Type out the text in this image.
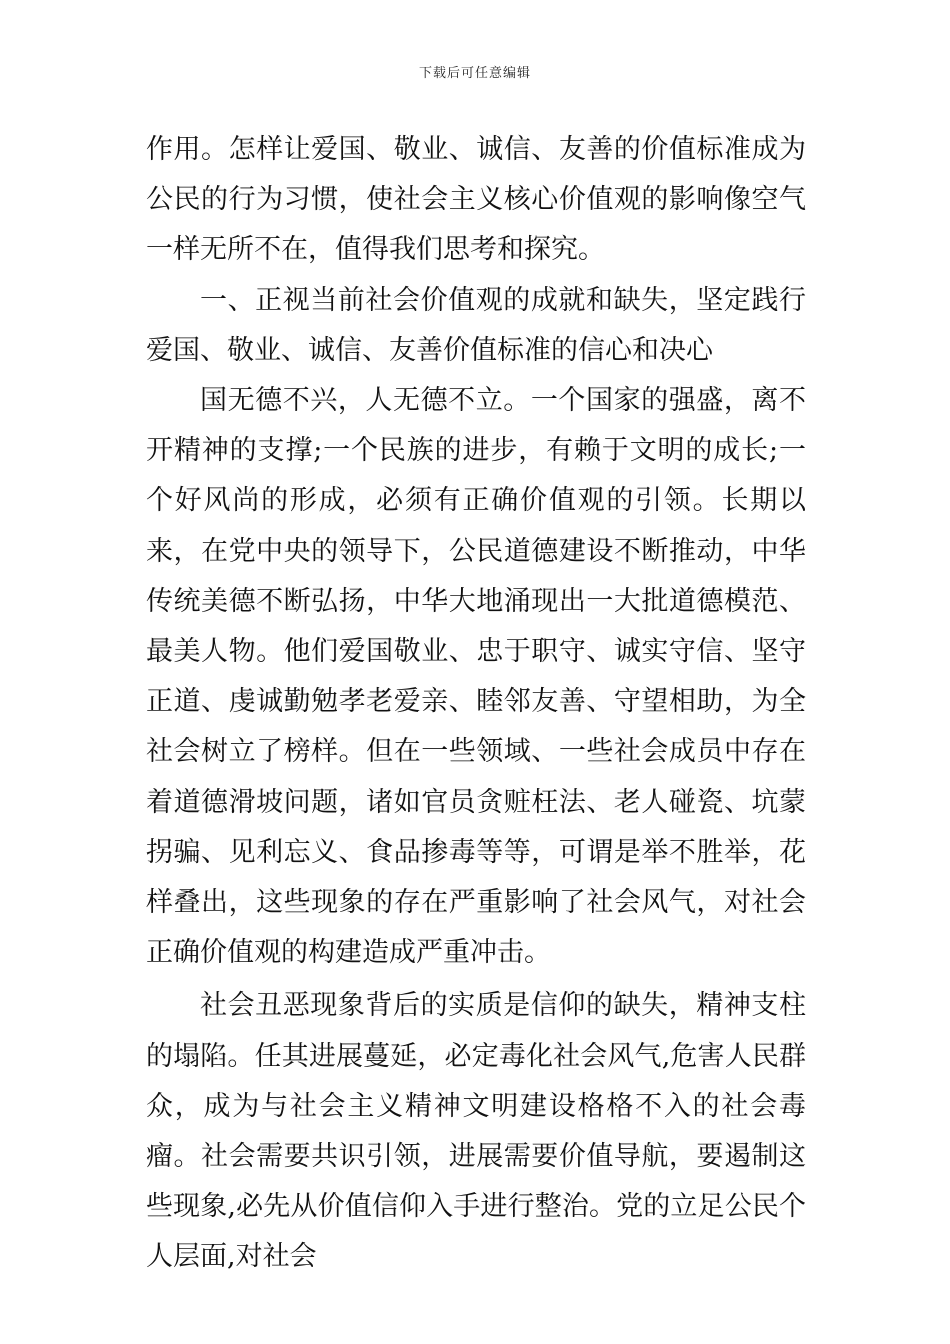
下载后可任意编辑

作用。怎样让爱国、敬业、诚信、友善的价值标准成为公民的行为习惯，使社会主义核心价值观的影响像空气一样无所不在，值得我们思考和探究。

一、正视当前社会价值观的成就和缺失，坚定践行爱国、敬业、诚信、友善价值标准的信心和决心

国无德不兴，人无德不立。一个国家的强盛，离不开精神的支撑;一个民族的进步，有赖于文明的成长;一个好风尚的形成，必须有正确价值观的引领。长期以来，在党中央的领导下，公民道德建设不断推动，中华传统美德不断弘扬，中华大地涌现出一大批道德模范、最美人物。他们爱国敬业、忠于职守、诚实守信、坚守正道、虔诚勤勉孝老爱亲、睦邻友善、守望相助，为全社会树立了榜样。但在一些领域、一些社会成员中存在着道德滑坡问题，诸如官员贪赃枉法、老人碰瓷、坑蒙拐骗、见利忘义、食品掺毒等等，可谓是举不胜举，花样叠出，这些现象的存在严重影响了社会风气，对社会正确价值观的构建造成严重冲击。

社会丑恶现象背后的实质是信仰的缺失，精神支柱的塌陷。任其进展蔓延，必定毒化社会风气,危害人民群众，成为与社会主义精神文明建设格格不入的社会毒瘤。社会需要共识引领，进展需要价值导航，要遏制这些现象,必先从价值信仰入手进行整治。党的立足公民个人层面,对社会
